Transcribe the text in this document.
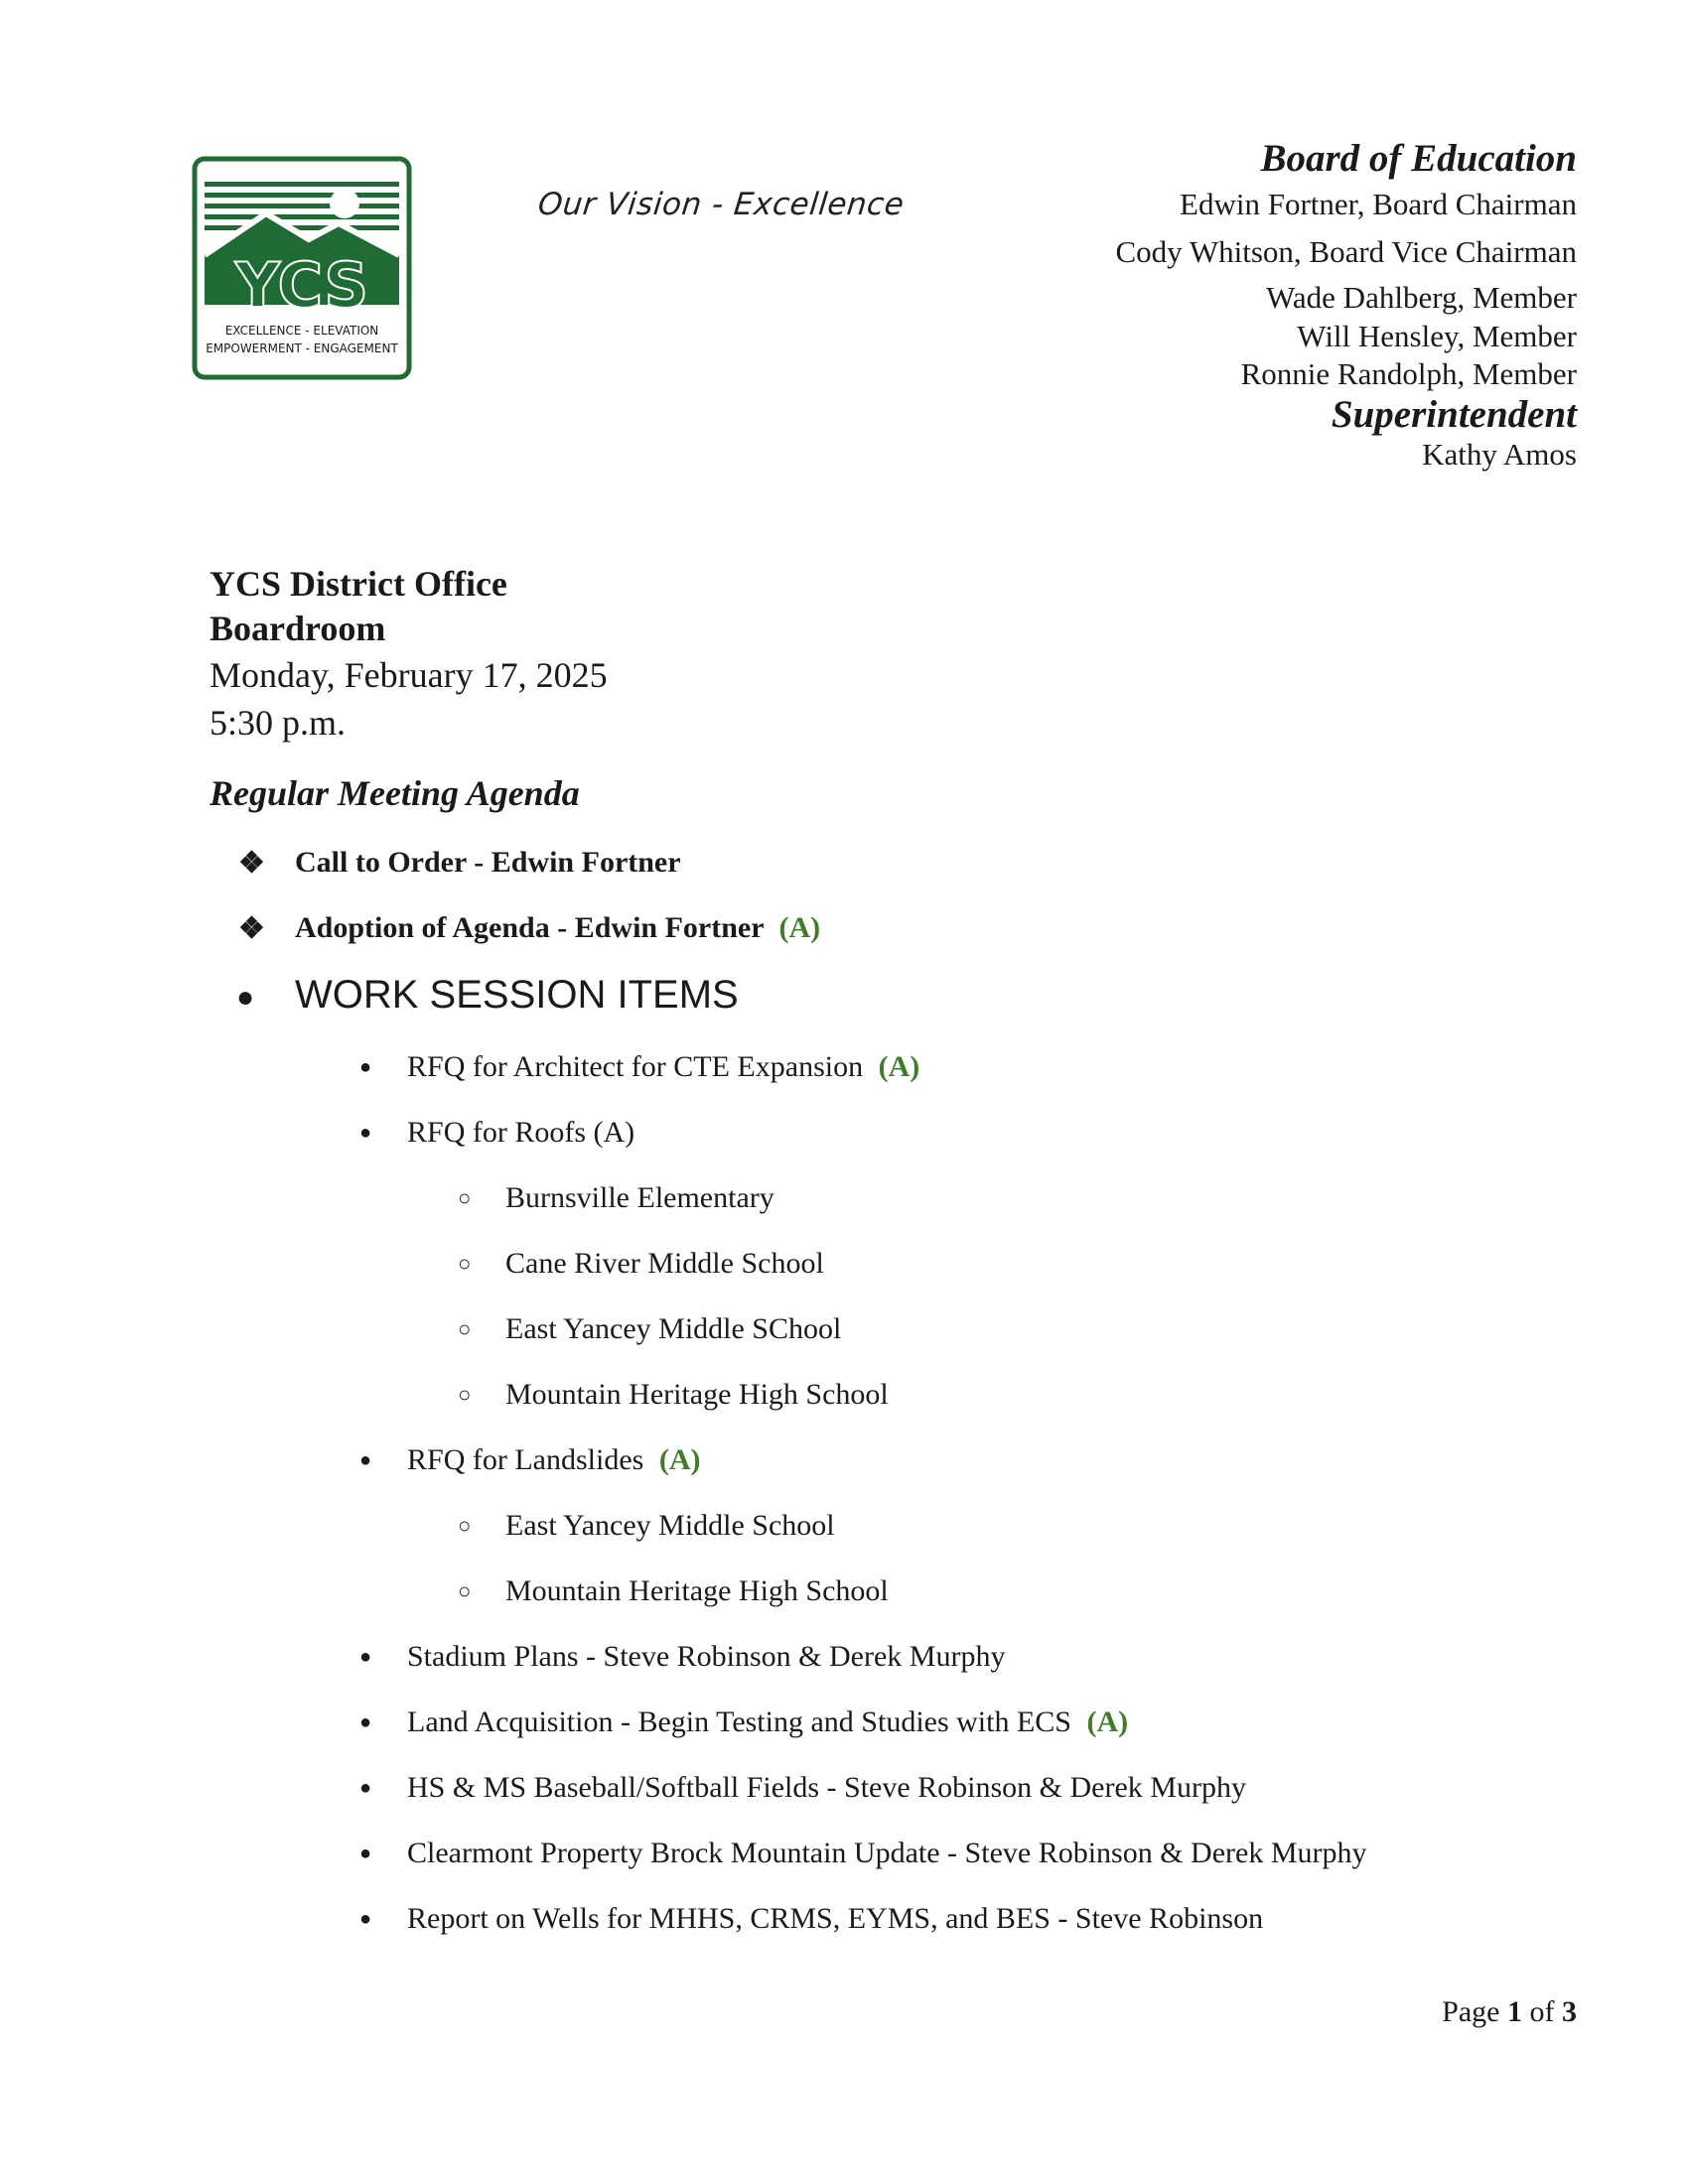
YCS
EXCELLENCE - ELEVATION
EMPOWERMENT - ENGAGEMENT
Our Vision - Excellence
Board of Education
Edwin Fortner, Board Chairman
Cody Whitson, Board Vice Chairman
Wade Dahlberg, Member
Will Hensley, Member
Ronnie Randolph, Member
Superintendent
Kathy Amos
YCS District Office
Boardroom
Monday, February 17, 2025
5:30 p.m.
Regular Meeting Agenda
❖ Call to Order - Edwin Fortner
❖ Adoption of Agenda - Edwin Fortner (A)
● WORK SESSION ITEMS
● RFQ for Architect for CTE Expansion (A)
● RFQ for Roofs (A)
○ Burnsville Elementary
○ Cane River Middle School
○ East Yancey Middle SChool
○ Mountain Heritage High School
● RFQ for Landslides (A)
○ East Yancey Middle School
○ Mountain Heritage High School
● Stadium Plans - Steve Robinson & Derek Murphy
● Land Acquisition - Begin Testing and Studies with ECS (A)
● HS & MS Baseball/Softball Fields - Steve Robinson & Derek Murphy
● Clearmont Property Brock Mountain Update - Steve Robinson & Derek Murphy
● Report on Wells for MHHS, CRMS, EYMS, and BES - Steve Robinson
Page 1 of 3
